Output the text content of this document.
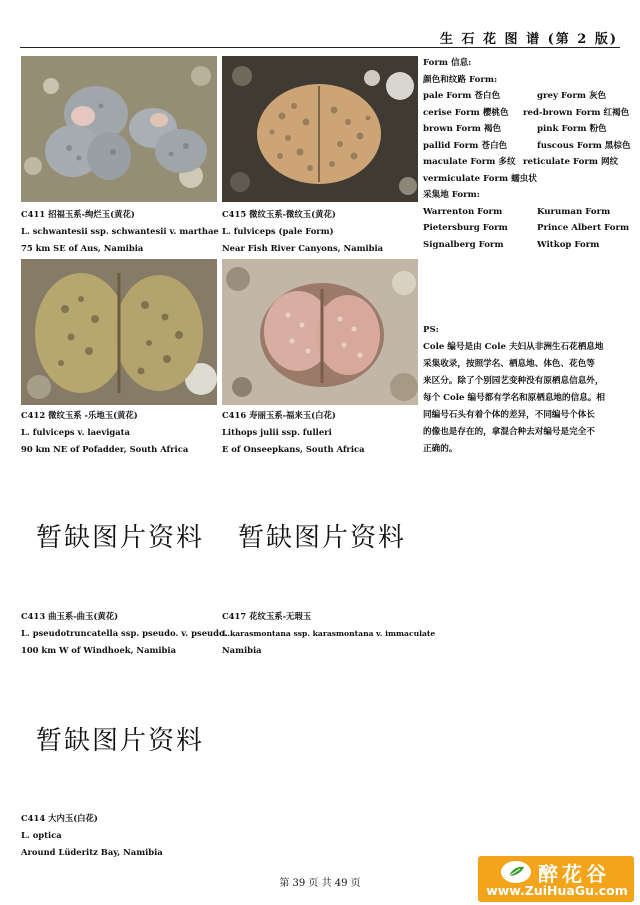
生 石 花 图 谱 (第 2 版)
C411 招福玉系-绚烂玉(黄花)
L. schwantesii ssp. schwantesii v. marthae
75 km SE of Aus, Namibia
C415 微纹玉系-微纹玉(黄花)
L. fulviceps (pale Form)
Near Fish River Canyons, Namibia
C412 微纹玉系 -乐地玉(黄花)
L. fulviceps v. laevigata
90 km NE of Pofadder, South Africa
C416 寿丽玉系-福来玉(白花)
Lithops julii ssp. fulleri
E of Onseepkans, South Africa
暂缺图片资料 暂缺图片资料
C413 曲玉系-曲玉(黄花)
L. pseudotruncatella ssp. pseudo. v. pseudo.
100 km W of Windhoek, Namibia
C417 花纹玉系-无瑕玉
L.karasmontana ssp. karasmontana v. immaculate
Namibia
暂缺图片资料
C414 大内玉(白花)
L. optica
Around Lüderitz Bay, Namibia
Form 信息:
颜色和纹路 Form:
pale Form 苍白色	grey Form 灰色
cerise Form 樱桃色 red-brown Form 红褐色
brown Form 褐色	pink Form 粉色
pallid Form 苍白色	fuscous Form 黑棕色
maculate Form 多纹 reticulate Form 网纹
vermiculate Form 蠕虫状
采集地 Form:
Warrenton Form	Kuruman Form
Pietersburg Form	Prince Albert Form
Signalberg Form	Witkop Form
PS:
Cole 编号是由 Cole 夫妇从非洲生石花栖息地
采集收录，按照学名、栖息地、体色、花色等
来区分。除了个别园艺变种没有原栖息信息外，
每个 Cole 编号都有学名和原栖息地的信息。相
同编号石头有着个体的差异，不同编号个体长
的像也是存在的，拿混合种去对编号是完全不
正确的。
第 39 页 共 49 页	醉花谷
www.ZuiHuaGu.com
